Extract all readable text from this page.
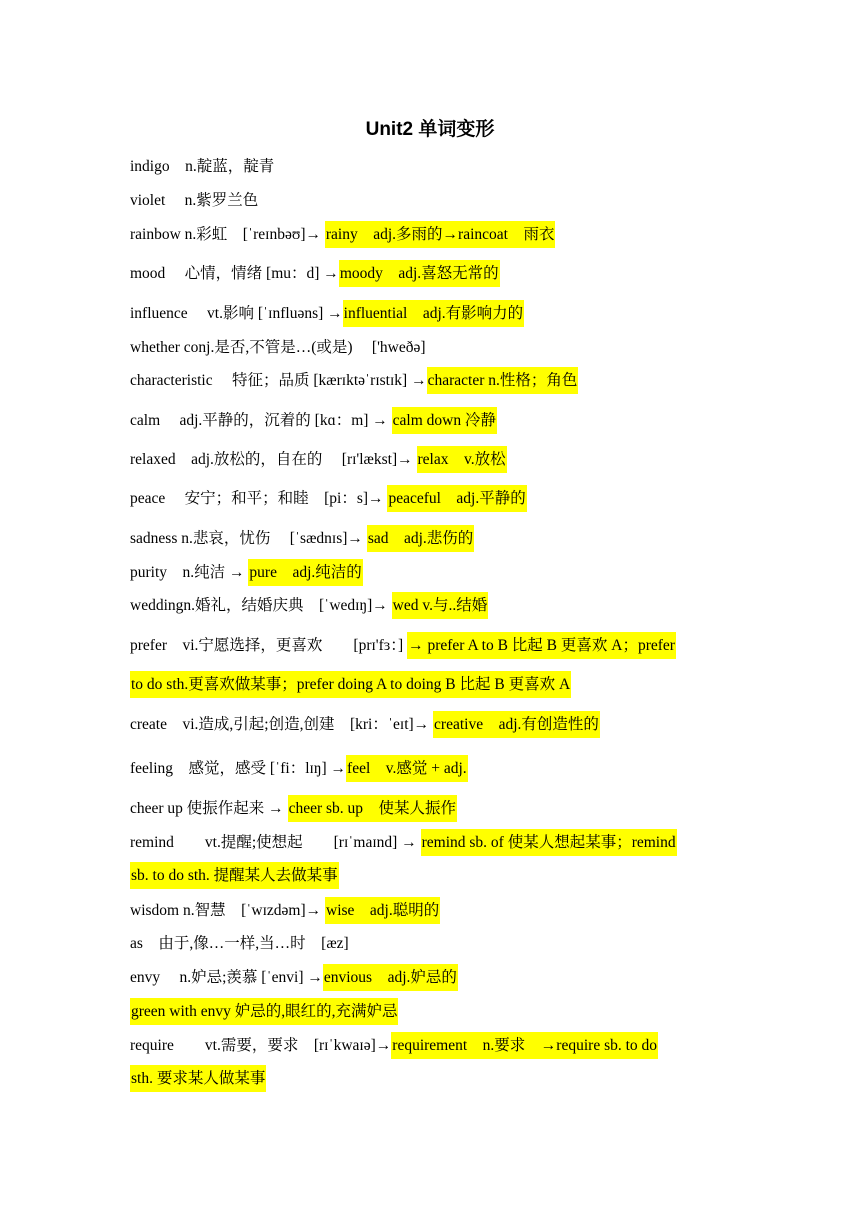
Unit2 单词变形
indigo　n.靛蓝，靛青
violet　 n.紫罗兰色
rainbow n.彩虹　[ˈreɪnbəʊ]→ rainy　adj.多雨的→raincoat　雨衣
mood　 心情，情绪 [mu：d] →moody　adj.喜怒无常的
influence　 vt.影响 [ˈɪnfluəns] →influential　adj.有影响力的
whether conj.是否,不管是…(或是)　 ['hweðə]
characteristic　 特征；品质 [kærɪktəˈrɪstɪk] →character n.性格；角色
calm　 adj.平静的，沉着的 [kɑ：m] → calm down 冷静
relaxed　adj.放松的，自在的　 [rɪ'lækst]→ relax　v.放松
peace　 安宁；和平；和睦　[pi：s]→ peaceful　adj.平静的
sadness n.悲哀，忧伤　 [ˈsædnɪs]→ sad　adj.悲伤的
purity　n.纯洁 → pure　adj.纯洁的
weddingn.婚礼，结婚庆典　[ˈwedɪŋ]→ wed v.与..结婚
prefer　vi.宁愿选择，更喜欢　　[prɪ'fɜ：] → prefer A to B 比起 B 更喜欢 A；prefer
to do sth.更喜欢做某事；prefer doing A to doing B 比起 B 更喜欢 A
create　vi.造成,引起;创造,创建　[kri：ˈeɪt]→ creative　adj.有创造性的
feeling　感觉，感受 [ˈfi：lɪŋ] →feel　v.感觉 + adj.
cheer up 使振作起来 → cheer sb. up　使某人振作
remind　　vt.提醒;使想起　　[rɪˈmaɪnd] → remind sb. of 使某人想起某事；remind
sb. to do sth. 提醒某人去做某事
wisdom n.智慧　[ˈwɪzdəm]→ wise　adj.聪明的
as　由于,像…一样,当…时　[æz]
envy　 n.妒忌;羡慕 [ˈenvi] →envious　adj.妒忌的
green with envy 妒忌的,眼红的,充满妒忌
require　　vt.需要，要求　[rɪˈkwaɪə]→requirement　n.要求　→require sb. to do
sth. 要求某人做某事
